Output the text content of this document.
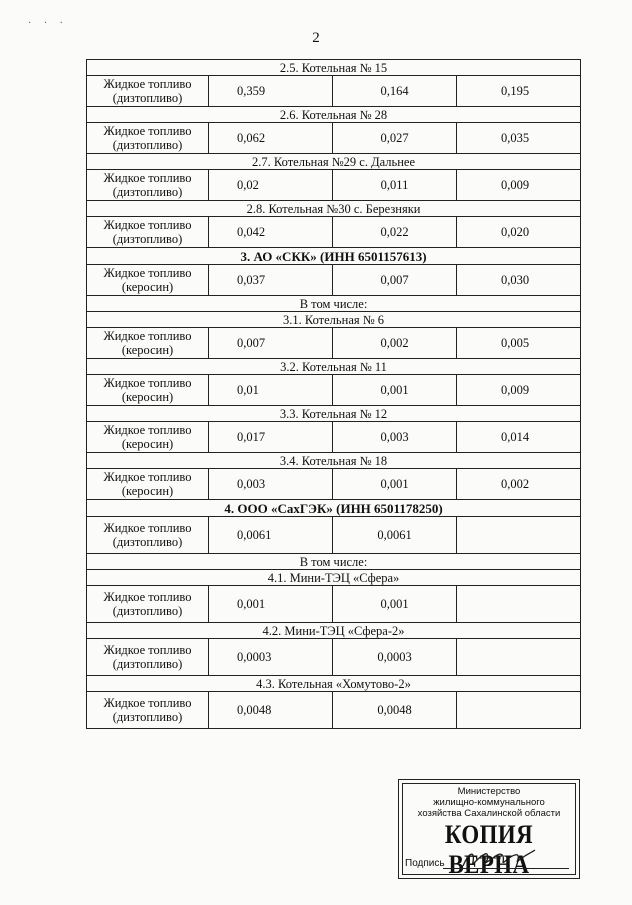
· · ·
2
2.5. Котельная № 15			

Жидкое топливо
(дизтопливо)	0,359	0,164	0,195
2.6. Котельная № 28			

Жидкое топливо
(дизтопливо)	0,062	0,027	0,035
2.7. Котельная №29 с. Дальнее			

Жидкое топливо
(дизтопливо)	0,02	0,011	0,009
2.8. Котельная №30 с. Березняки			

Жидкое топливо
(дизтопливо)	0,042	0,022	0,020
3. АО «СКК» (ИНН 6501157613)			

Жидкое топливо
(керосин)	0,037	0,007	0,030
В том числе:			
3.1. Котельная № 6			

Жидкое топливо
(керосин)	0,007	0,002	0,005
3.2. Котельная № 11			

Жидкое топливо
(керосин)	0,01	0,001	0,009
3.3. Котельная № 12			

Жидкое топливо
(керосин)	0,017	0,003	0,014
3.4. Котельная № 18			

Жидкое топливо
(керосин)	0,003	0,001	0,002
4. ООО «СахГЭК» (ИНН 6501178250)			

Жидкое топливо
(дизтопливо)	0,0061	0,0061	
В том числе:			
4.1. Мини-ТЭЦ «Сфера»			

Жидкое топливо
(дизтопливо)	0,001	0,001	
4.2. Мини-ТЭЦ «Сфера-2»			

Жидкое топливо
(дизтопливо)	0,0003	0,0003	
4.3. Котельная «Хомутово-2»			

Жидкое топливо
(дизтопливо)	0,0048	0,0048	
Министерство
жилищно-коммунального
хозяйства Сахалинской области
КОПИЯ ВЕРНА
Подпись
